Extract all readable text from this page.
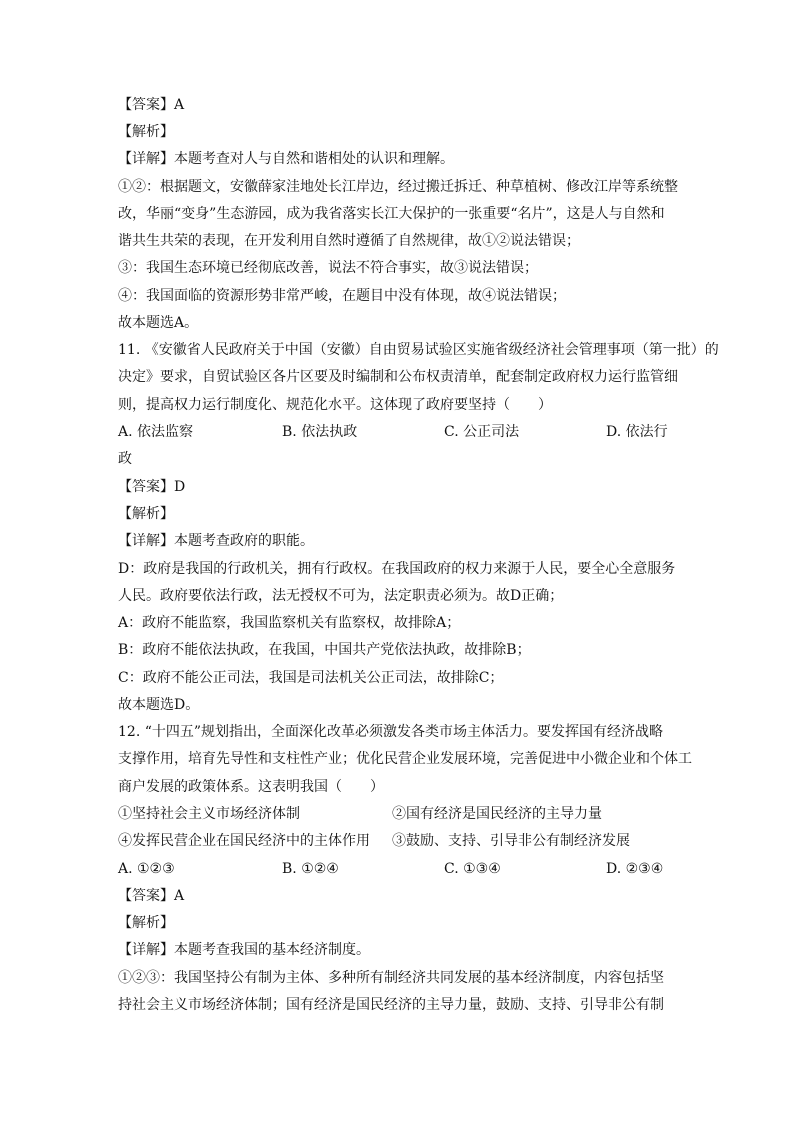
【答案】A
【解析】
【详解】本题考查对人与自然和谐相处的认识和理解。
①②：根据题文，安徽薛家洼地处长江岸边，经过搬迁拆迁、种草植树、修改江岸等系统整
改，华丽“变身”生态游园，成为我省落实长江大保护的一张重要“名片”，这是人与自然和
谐共生共荣的表现，在开发利用自然时遵循了自然规律，故①②说法错误；
③：我国生态环境已经彻底改善，说法不符合事实，故③说法错误；
④：我国面临的资源形势非常严峻，在题目中没有体现，故④说法错误；
故本题选A。
11. 《安徽省人民政府关于中国（安徽）自由贸易试验区实施省级经济社会管理事项（第一批）的
决定》要求，自贸试验区各片区要及时编制和公布权责清单，配套制定政府权力运行监管细
则，提高权力运行制度化、规范化水平。这体现了政府要坚持（　　）
A. 依法监察	B. 依法执政	C. 公正司法	D. 依法行
政
【答案】D
【解析】
【详解】本题考查政府的职能。
D：政府是我国的行政机关，拥有行政权。在我国政府的权力来源于人民，要全心全意服务
人民。政府要依法行政，法无授权不可为，法定职责必须为。故D正确；
A：政府不能监察，我国监察机关有监察权，故排除A；
B：政府不能依法执政，在我国，中国共产党依法执政，故排除B；
C：政府不能公正司法，我国是司法机关公正司法，故排除C；
故本题选D。
12. “十四五”规划指出，全面深化改革必须激发各类市场主体活力。要发挥国有经济战略
支撑作用，培育先导性和支柱性产业；优化民营企业发展环境，完善促进中小微企业和个体工
商户发展的政策体系。这表明我国（　　）
①坚持社会主义市场经济体制	②国有经济是国民经济的主导力量
④发挥民营企业在国民经济中的主体作用 ③鼓励、支持、引导非公有制经济发展
A. ①②③	B. ①②④	C. ①③④	D. ②③④
【答案】A
【解析】
【详解】本题考查我国的基本经济制度。
①②③：我国坚持公有制为主体、多种所有制经济共同发展的基本经济制度，内容包括坚
持社会主义市场经济体制；国有经济是国民经济的主导力量，鼓励、支持、引导非公有制
